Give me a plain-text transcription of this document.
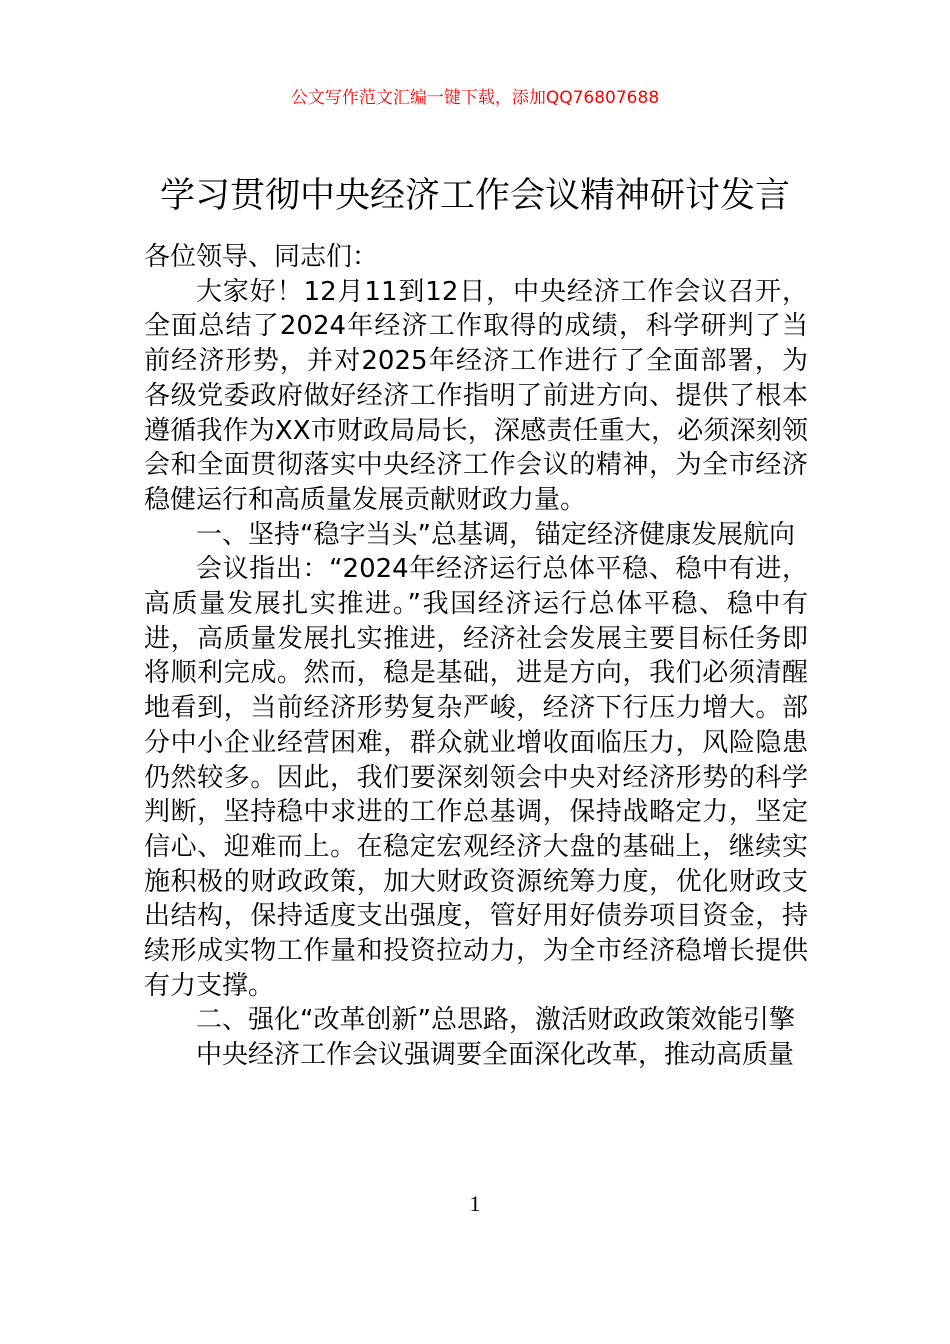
公文写作范文汇编一键下载，添加QQ76807688
学习贯彻中央经济工作会议精神研讨发言

各位领导、同志们：

大家好！12月11到12日，中央经济工作会议召开，全面总结了2024年经济工作取得的成绩，科学研判了当前经济形势，并对2025年经济工作进行了全面部署，为各级党委政府做好经济工作指明了前进方向、提供了根本遵循我作为XX市财政局局长，深感责任重大，必须深刻领会和全面贯彻落实中央经济工作会议的精神，为全市经济稳健运行和高质量发展贡献财政力量。

一、坚持“稳字当头”总基调，锚定经济健康发展航向

会议指出：“2024年经济运行总体平稳、稳中有进，高质量发展扎实推进。”我国经济运行总体平稳、稳中有进，高质量发展扎实推进，经济社会发展主要目标任务即将顺利完成。然而，稳是基础，进是方向，我们必须清醒地看到，当前经济形势复杂严峻，经济下行压力增大。部分中小企业经营困难，群众就业增收面临压力，风险隐患仍然较多。因此，我们要深刻领会中央对经济形势的科学判断，坚持稳中求进的工作总基调，保持战略定力，坚定信心、迎难而上。在稳定宏观经济大盘的基础上，继续实施积极的财政政策，加大财政资源统筹力度，优化财政支出结构，保持适度支出强度，管好用好债券项目资金，持续形成实物工作量和投资拉动力，为全市经济稳增长提供有力支撑。

二、强化“改革创新”总思路，激活财政政策效能引擎

中央经济工作会议强调要全面深化改革，推动高质量

1
